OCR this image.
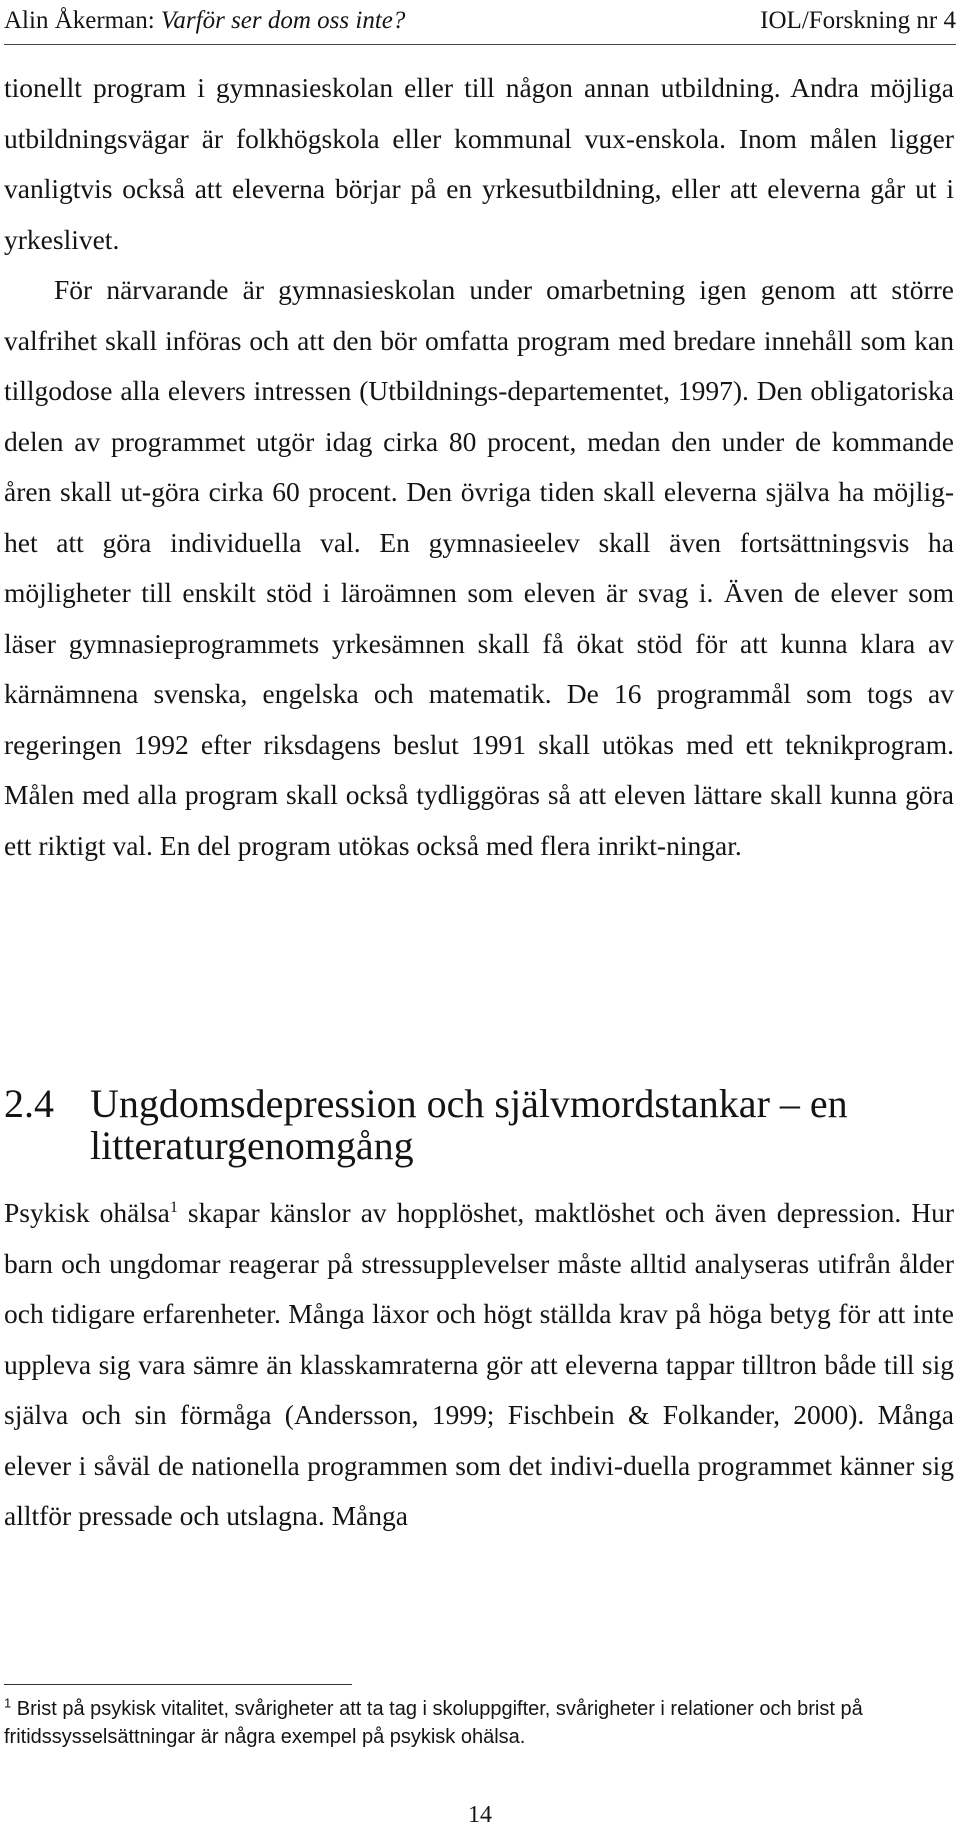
Alin Åkerman: Varför ser dom oss inte?	IOL/Forskning nr 4

tionellt program i gymnasieskolan eller till någon annan utbildning. Andra möjliga utbildningsvägar är folkhögskola eller kommunal vux-enskola. Inom målen ligger vanligtvis också att eleverna börjar på en yrkesutbildning, eller att eleverna går ut i yrkeslivet.

För närvarande är gymnasieskolan under omarbetning igen genom att större valfrihet skall införas och att den bör omfatta program med bredare innehåll som kan tillgodose alla elevers intressen (Utbildnings-departementet, 1997). Den obligatoriska delen av programmet utgör idag cirka 80 procent, medan den under de kommande åren skall ut-göra cirka 60 procent. Den övriga tiden skall eleverna själva ha möjlig-het att göra individuella val. En gymnasieelev skall även fortsättningsvis ha möjligheter till enskilt stöd i läroämnen som eleven är svag i. Även de elever som läser gymnasieprogrammets yrkesämnen skall få ökat stöd för att kunna klara av kärnämnena svenska, engelska och matematik. De 16 programmål som togs av regeringen 1992 efter riksdagens beslut 1991 skall utökas med ett teknikprogram. Målen med alla program skall också tydliggöras så att eleven lättare skall kunna göra ett riktigt val. En del program utökas också med flera inrikt-ningar.

2.4 Ungdomsdepression och självmordstankar – en litteraturgenomgång

Psykisk ohälsa$^1$ skapar känslor av hopplöshet, maktlöshet och även depression. Hur barn och ungdomar reagerar på stressupplevelser måste alltid analyseras utifrån ålder och tidigare erfarenheter. Många läxor och högt ställda krav på höga betyg för att inte uppleva sig vara sämre än klasskamraterna gör att eleverna tappar tilltron både till sig själva och sin förmåga (Andersson, 1999; Fischbein & Folkander, 2000). Många elever i såväl de nationella programmen som det indivi-duella programmet känner sig alltför pressade och utslagna. Många

$^1$ Brist på psykisk vitalitet, svårigheter att ta tag i skoluppgifter, svårigheter i relationer och brist på fritidssysselsättningar är några exempel på psykisk ohälsa.

14
